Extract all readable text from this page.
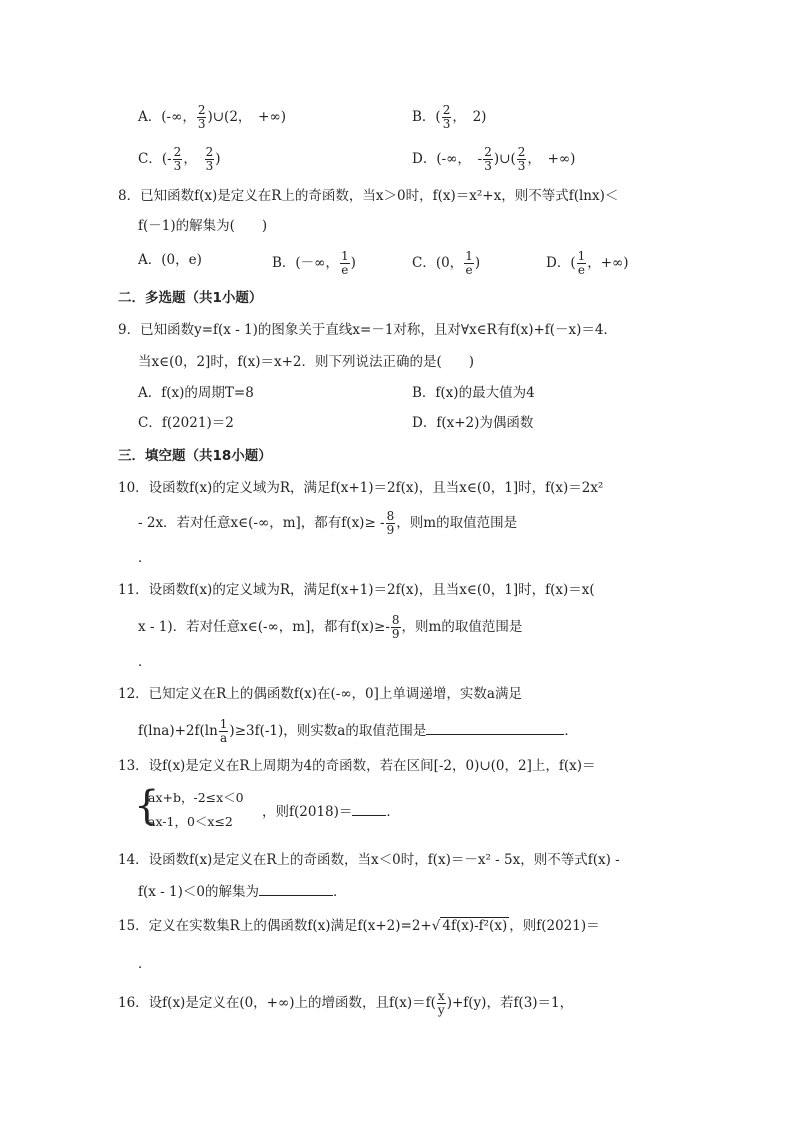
A．(-∞， $\frac{2}{3}$ )∪(2，　+∞)	B．( $\frac{2}{3}$ ，　2)
C．(- $\frac{2}{3}$ ，　 $\frac{2}{3}$ )	D．(-∞，　- $\frac{2}{3}$ )∪( $\frac{2}{3}$ ，　+∞)
8．已知函数f(x)是定义在R上的奇函数，当x＞0时，f(x)＝x²+x，则不等式f(lnx)＜
f(－1)的解集为(　　)
A．(0，e)	B．(－∞， $\frac{1}{e}$ )	C．(0， $\frac{1}{e}$ )	D．( $\frac{1}{e}$ ，+∞)
二．多选题（共1小题）
9．已知函数y=f(x - 1)的图象关于直线x=－1对称，且对∀x∈R有f(x)+f(－x)＝4．
当x∈(0，2]时，f(x)＝x+2．则下列说法正确的是(　　)
A．f(x)的周期T=8	B．f(x)的最大值为4
C．f(2021)＝2	D．f(x+2)为偶函数
三．填空题（共18小题）
10．设函数f(x)的定义域为R，满足f(x+1)＝2f(x)，且当x∈(0，1]时，f(x)＝2x²
- 2x．若对任意x∈(-∞，m]，都有$f(x)\ge - \frac{8}{9}$ ，则m的取值范围是
．
11．设函数f(x)的定义域为R，满足f(x+1)＝2f(x)，且当x∈(0，1]时，f(x)＝x(
x - 1)．若对任意x∈(-∞，m]，都有$f(x)\ge- \frac{8}{9}$ ，则m的取值范围是
．
12．已知定义在R上的偶函数f(x)在(-∞，0]上单调递增，实数a满足
$f(\ln a)+2f(\ln \frac{1}{a} )\ge 3f(-1)$，则实数a的取值范围是	．
13．设f(x)是定义在R上周期为4的奇函数，若在区间[-2，0)∪(0，2]上，f(x)＝
{
ax+b，-2≤x＜0
ax-1，0＜x≤2
，则f(2018)＝	．
14．设函数f(x)是定义在R上的奇函数，当x＜0时，f(x)＝－x² - 5x，则不等式f(x) -
f(x - 1)＜0的解集为	．
15．定义在实数集R上的偶函数f(x)满足f(x+2)=2+√ 4f(x)-f²(x) ，则f(2021)＝
．
16．设f(x)是定义在(0，+∞)上的增函数，且$f(x)=f( \frac{x}{y} )+f(y)$，若f(3)＝1，
